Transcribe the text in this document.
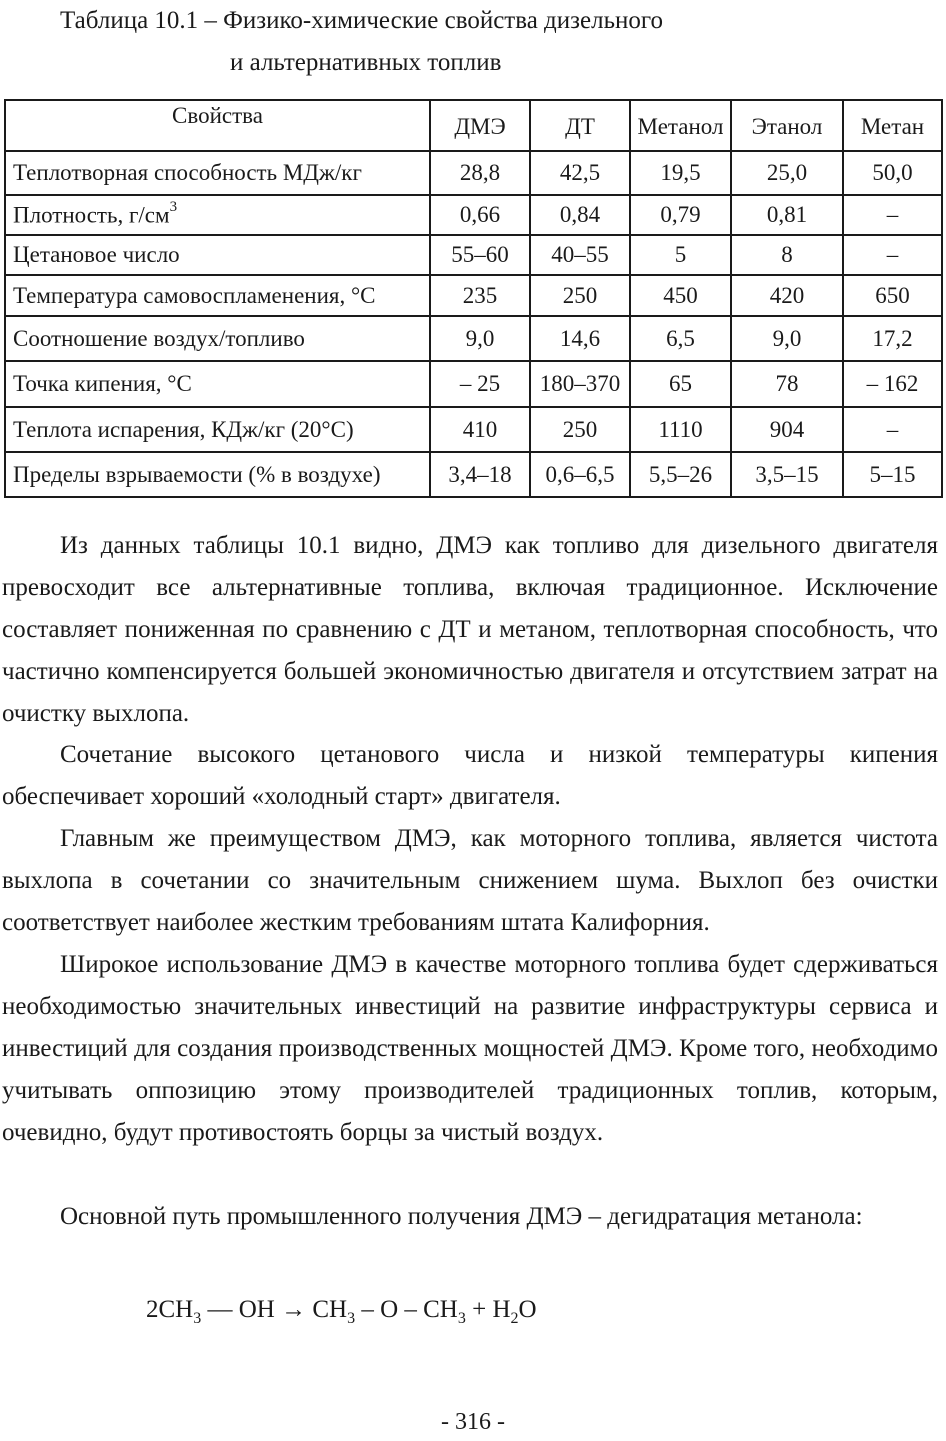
Таблица 10.1 – Физико-химические свойства дизельного
и альтернативных топлив
Свойства	ДМЭ	ДТ	Метанол	Этанол	Метан
Теплотворная способность МДж/кг	28,8	42,5	19,5	25,0	50,0
Плотность, $г/см^3$	0,66	0,84	0,79	0,81	–
Цетановое число	55–60	40–55	5	8	–
Температура самовоспламенения, °С	235	250	450	420	650
Соотношение воздух/топливо	9,0	14,6	6,5	9,0	17,2
Точка кипения, °С	– 25	180–370	65	78	– 162
Теплота испарения, КДж/кг (20°С)	410	250	1110	904	–
Пределы взрываемости (% в воздухе)	3,4–18	0,6–6,5	5,5–26	3,5–15	5–15

Из данных таблицы 10.1 видно, ДМЭ как топливо для дизельного двигателя превосходит все альтернативные топлива, включая традиционное. Исключение составляет пониженная по сравнению с ДТ и метаном, теплотворная способность, что частично компенсируется большей экономичностью двигателя и отсутствием затрат на очистку выхлопа.

Сочетание высокого цетанового числа и низкой температуры кипения обеспечивает хороший «холодный старт» двигателя.

Главным же преимуществом ДМЭ, как моторного топлива, является чистота выхлопа в сочетании со значительным снижением шума. Выхлоп без очистки соответствует наиболее жестким требованиям штата Калифорния.

Широкое использование ДМЭ в качестве моторного топлива будет сдерживаться необходимостью значительных инвестиций на развитие инфраструктуры сервиса и инвестиций для создания производственных мощностей ДМЭ. Кроме того, необходимо учитывать оппозицию этому производителей традиционных топлив, которым, очевидно, будут противостоять борцы за чистый воздух.

Основной путь промышленного получения ДМЭ – дегидратация метанола:

$2CH_3$ — OH → $CH_3 - O - CH_3 + H_2O$
- 316 -
